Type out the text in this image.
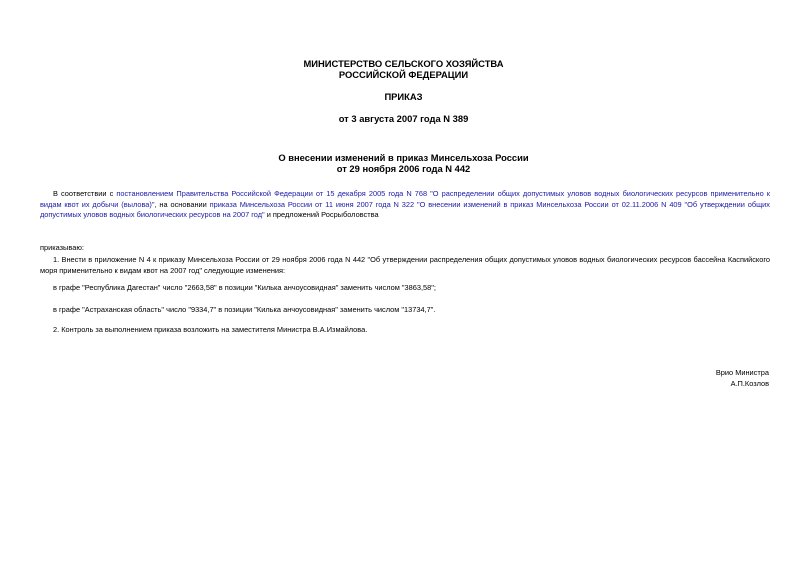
МИНИСТЕРСТВО СЕЛЬСКОГО ХОЗЯЙСТВА
РОССИЙСКОЙ ФЕДЕРАЦИИ
ПРИКАЗ
от 3 августа 2007 года N 389
О внесении изменений в приказ Минсельхоза России
от 29 ноября 2006 года N 442
В соответствии с постановлением Правительства Российской Федерации от 15 декабря 2005 года N 768 "О распределении общих допустимых уловов водных биологических ресурсов применительно к видам квот их добычи (вылова)", на основании приказа Минсельхоза России от 11 июня 2007 года N 322 "О внесении изменений в приказ Минсельхоза России от 02.11.2006 N 409 "Об утверждении общих допустимых уловов водных биологических ресурсов на 2007 год" и предложений Росрыболовства
приказываю:
1. Внести в приложение N 4 к приказу Минсельхоза России от 29 ноября 2006 года N 442 "Об утверждении распределения общих допустимых уловов водных биологических ресурсов бассейна Каспийского моря применительно к видам квот на 2007 год" следующие изменения:
в графе "Республика Дагестан" число "2663,58" в позиции "Килька анчоусовидная" заменить числом "3863,58";
в графе "Астраханская область" число "9334,7" в позиции "Килька анчоусовидная" заменить числом "13734,7".
2. Контроль за выполнением приказа возложить на заместителя Министра В.А.Измайлова.
Врио Министра
А.П.Козлов
